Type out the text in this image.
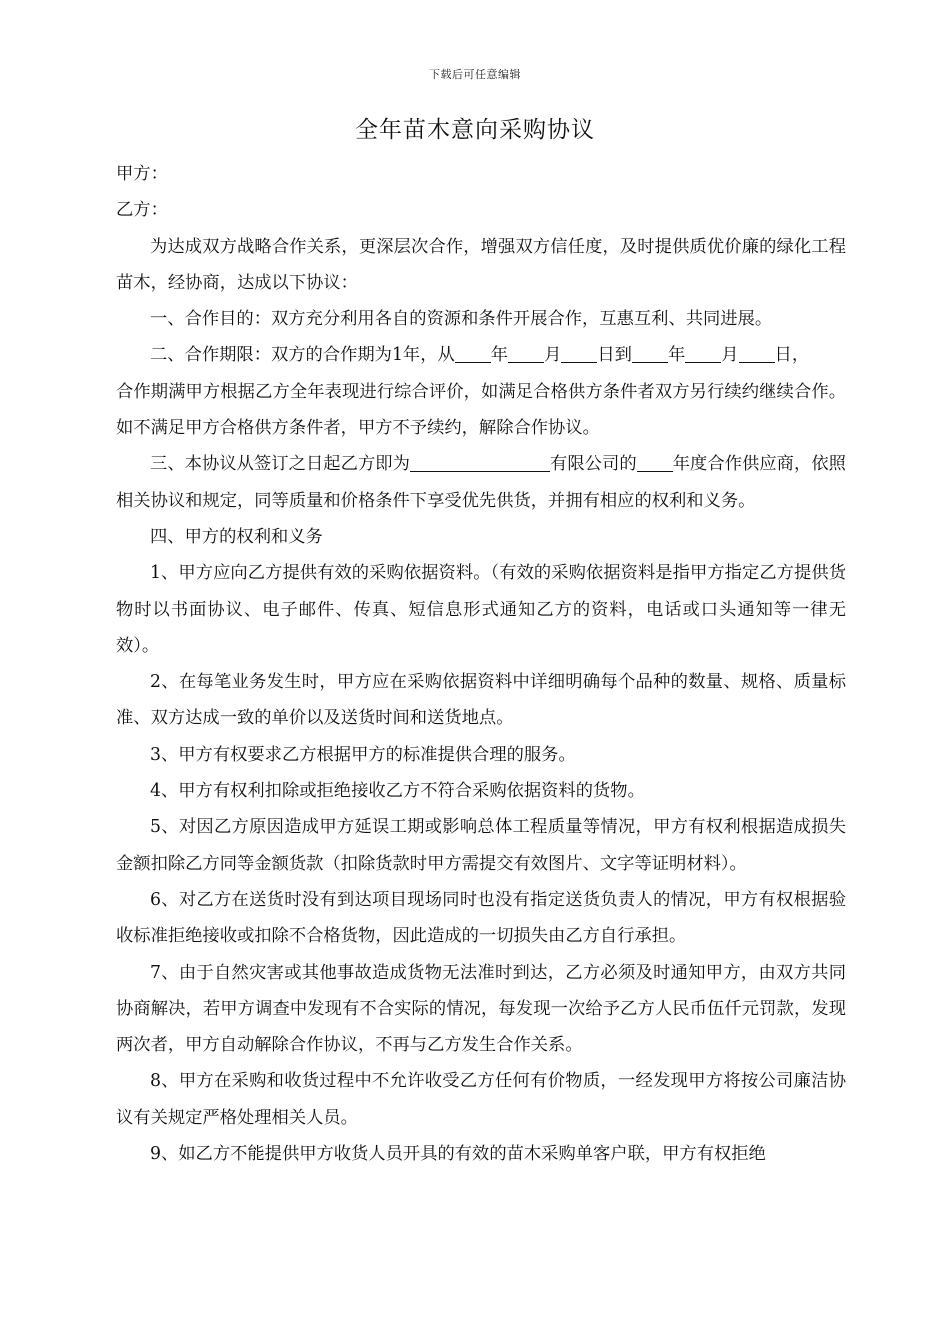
下载后可任意编辑
全年苗木意向采购协议

甲方：

乙方：

为达成双方战略合作关系，更深层次合作，增强双方信任度，及时提供质优价廉的绿化工程苗木，经协商，达成以下协议：

一、合作目的：双方充分利用各自的资源和条件开展合作，互惠互利、共同进展。

二、合作期限：双方的合作期为1年，从 年 月 日到 年 月 日，

合作期满甲方根据乙方全年表现进行综合评价，如满足合格供方条件者双方另行续约继续合作。如不满足甲方合格供方条件者，甲方不予续约，解除合作协议。

三、本协议从签订之日起乙方即为	有限公司的 年度合作供应商，依照相关协议和规定，同等质量和价格条件下享受优先供货，并拥有相应的权利和义务。

四、甲方的权利和义务

1、甲方应向乙方提供有效的采购依据资料。（有效的采购依据资料是指甲方指定乙方提供货物时以书面协议、电子邮件、传真、短信息形式通知乙方的资料，电话或口头通知等一律无效）。

2、在每笔业务发生时，甲方应在采购依据资料中详细明确每个品种的数量、规格、质量标准、双方达成一致的单价以及送货时间和送货地点。

3、甲方有权要求乙方根据甲方的标准提供合理的服务。

4、甲方有权利扣除或拒绝接收乙方不符合采购依据资料的货物。

5、对因乙方原因造成甲方延误工期或影响总体工程质量等情况，甲方有权利根据造成损失金额扣除乙方同等金额货款（扣除货款时甲方需提交有效图片、文字等证明材料）。

6、对乙方在送货时没有到达项目现场同时也没有指定送货负责人的情况，甲方有权根据验收标准拒绝接收或扣除不合格货物，因此造成的一切损失由乙方自行承担。

7、由于自然灾害或其他事故造成货物无法准时到达，乙方必须及时通知甲方，由双方共同协商解决，若甲方调查中发现有不合实际的情况，每发现一次给予乙方人民币伍仟元罚款，发现两次者，甲方自动解除合作协议，不再与乙方发生合作关系。

8、甲方在采购和收货过程中不允许收受乙方任何有价物质，一经发现甲方将按公司廉洁协议有关规定严格处理相关人员。

9、如乙方不能提供甲方收货人员开具的有效的苗木采购单客户联，甲方有权拒绝
